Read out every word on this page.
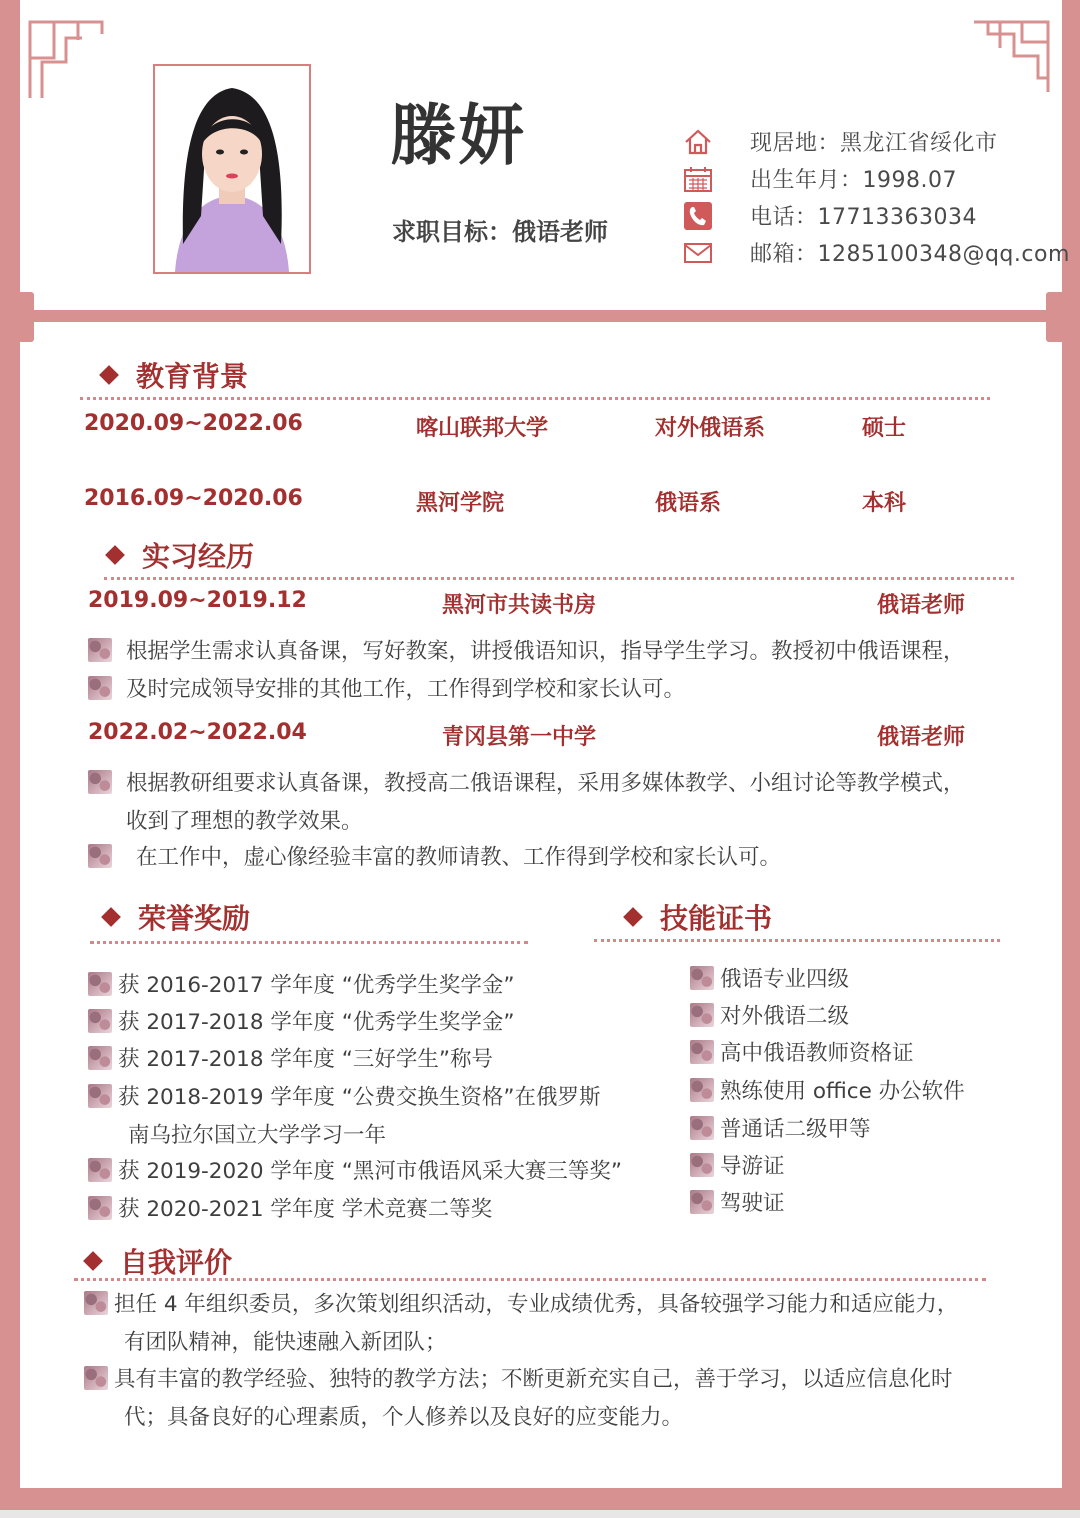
滕妍
求职目标：俄语老师
现居地：黑龙江省绥化市
出生年月：1998.07
电话：17713363034
邮箱：1285100348@qq.com
教育背景
2020.09~2022.06	喀山联邦大学	对外俄语系	硕士
2016.09~2020.06	黑河学院	俄语系	本科
实习经历
2019.09~2019.12	黑河市共读书房	俄语老师
根据学生需求认真备课，写好教案，讲授俄语知识，指导学生学习。教授初中俄语课程，
及时完成领导安排的其他工作，工作得到学校和家长认可。
2022.02~2022.04	青冈县第一中学	俄语老师
根据教研组要求认真备课，教授高二俄语课程，采用多媒体教学、小组讨论等教学模式，
收到了理想的教学效果。
在工作中，虚心像经验丰富的教师请教、工作得到学校和家长认可。
荣誉奖励
获 2016-2017 学年度 “优秀学生奖学金”
获 2017-2018 学年度 “优秀学生奖学金”
获 2017-2018 学年度 “三好学生”称号
获 2018-2019 学年度 “公费交换生资格”在俄罗斯
南乌拉尔国立大学学习一年
获 2019-2020 学年度 “黑河市俄语风采大赛三等奖”
获 2020-2021 学年度 学术竞赛二等奖
技能证书
俄语专业四级
对外俄语二级
高中俄语教师资格证
熟练使用 office 办公软件
普通话二级甲等
导游证
驾驶证
自我评价
担任 4 年组织委员，多次策划组织活动，专业成绩优秀，具备较强学习能力和适应能力，
有团队精神，能快速融入新团队；
具有丰富的教学经验、独特的教学方法；不断更新充实自己，善于学习，以适应信息化时
代；具备良好的心理素质，个人修养以及良好的应变能力。
